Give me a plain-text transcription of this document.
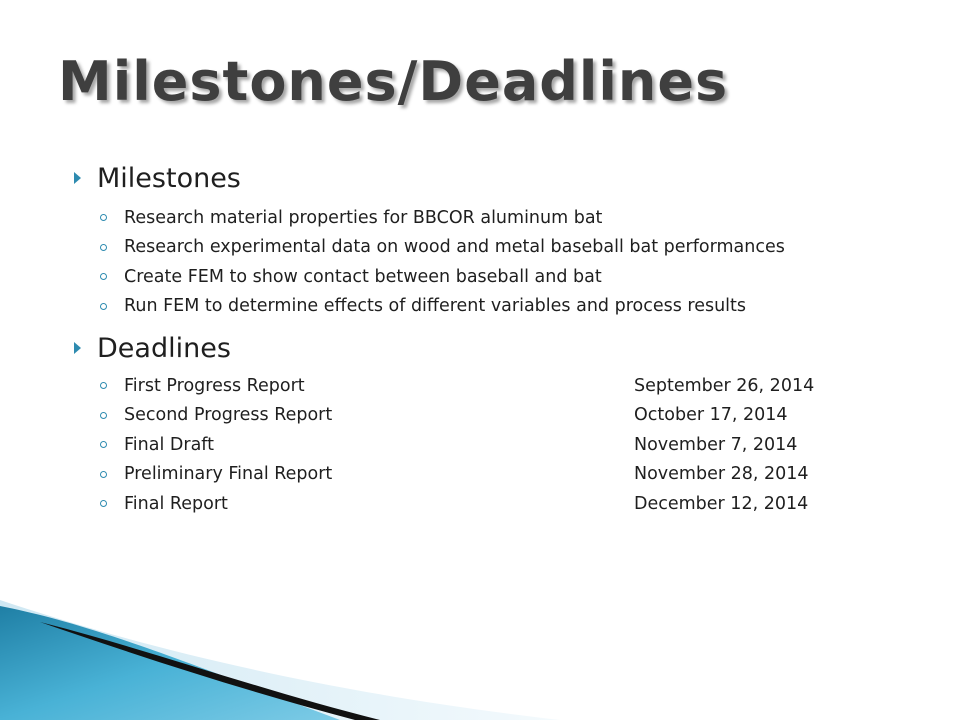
Milestones/Deadlines
Milestones
Research material properties for BBCOR aluminum bat
Research experimental data on wood and metal baseball bat performances
Create FEM to show contact between baseball and bat
Run FEM to determine effects of different variables and process results
Deadlines
First Progress Report	September 26, 2014
Second Progress Report	October 17, 2014
Final Draft	November 7, 2014
Preliminary Final Report	November 28, 2014
Final Report	December 12, 2014
